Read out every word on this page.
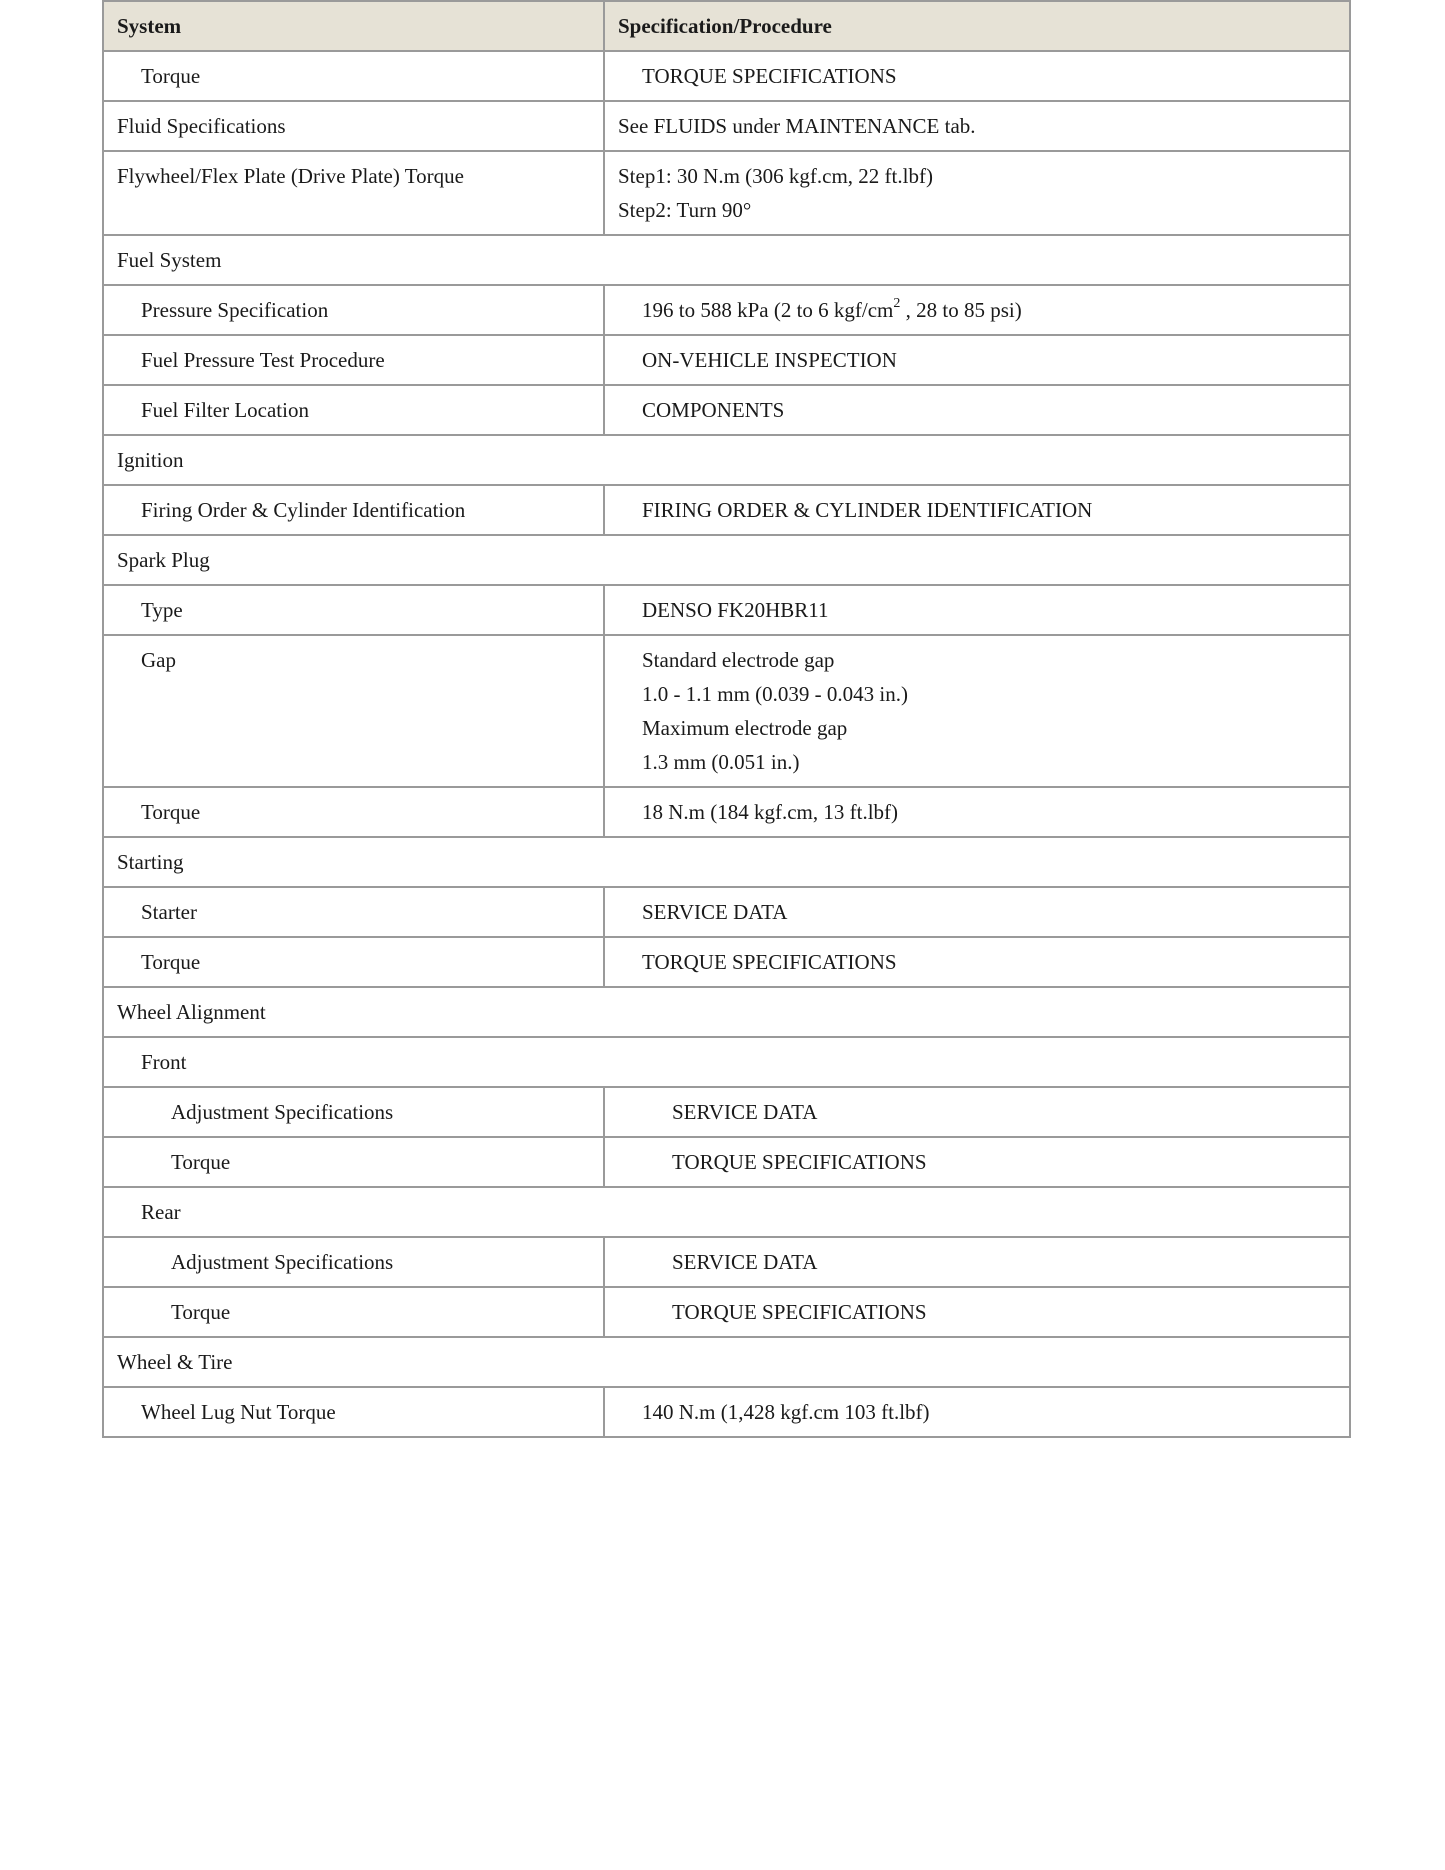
System	Specification/Procedure
Torque	TORQUE SPECIFICATIONS

Fluid Specifications	See FLUIDS under MAINTENANCE tab.

Flywheel/Flex Plate (Drive Plate) Torque	Step1: 30 N.m (306 kgf.cm, 22 ft.lbf)
Step2: Turn 90°

Fuel System	
Pressure Specification	196 to 588 kPa (2 to 6 kgf/$cm^2$ , 28 to 85 psi)
Fuel Pressure Test Procedure	ON-VEHICLE INSPECTION

Fuel Filter Location	COMPONENTS

Ignition	
Firing Order & Cylinder Identification	FIRING ORDER & CYLINDER IDENTIFICATION

Spark Plug	
Type	DENSO FK20HBR11

Gap	Standard electrode gap
1.0 - 1.1 mm (0.039 - 0.043 in.)
Maximum electrode gap
1.3 mm (0.051 in.)

Torque	18 N.m (184 kgf.cm, 13 ft.lbf)

Starting	
Starter	SERVICE DATA

Torque	TORQUE SPECIFICATIONS

Wheel Alignment	
Front	
Adjustment Specifications	SERVICE DATA

Torque	TORQUE SPECIFICATIONS

Rear	
Adjustment Specifications	SERVICE DATA

Torque	TORQUE SPECIFICATIONS

Wheel & Tire	
Wheel Lug Nut Torque	140 N.m (1,428 kgf.cm 103 ft.lbf)
